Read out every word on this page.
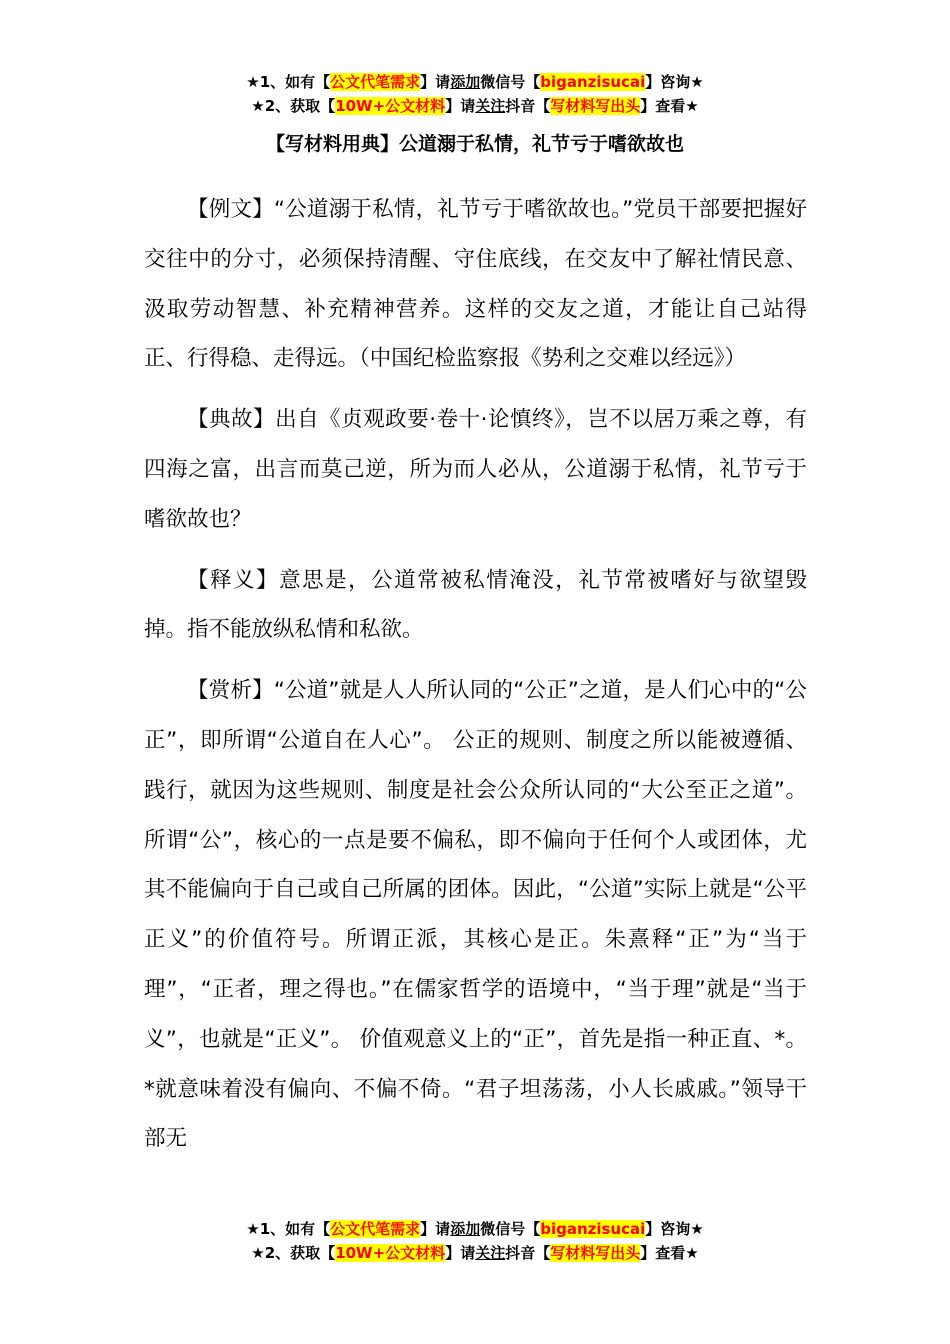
★1、如有【公文代笔需求】请添加微信号【biganzisucai】咨询★
★2、获取【10W+公文材料】请关注抖音【写材料写出头】查看★
【写材料用典】公道溺于私情，礼节亏于嗜欲故也

【例文】“公道溺于私情，礼节亏于嗜欲故也。”党员干部要把握好交往中的分寸，必须保持清醒、守住底线，在交友中了解社情民意、汲取劳动智慧、补充精神营养。这样的交友之道，才能让自己站得正、行得稳、走得远。（中国纪检监察报《势利之交难以经远》）

【典故】出自《贞观政要·卷十·论慎终》，岂不以居万乘之尊，有四海之富，出言而莫己逆，所为而人必从，公道溺于私情，礼节亏于嗜欲故也？

【释义】意思是，公道常被私情淹没，礼节常被嗜好与欲望毁掉。指不能放纵私情和私欲。

【赏析】“公道”就是人人所认同的“公正”之道，是人们心中的“公正”，即所谓“公道自在人心”。 公正的规则、制度之所以能被遵循、践行，就因为这些规则、制度是社会公众所认同的“大公至正之道”。所谓“公”，核心的一点是要不偏私，即不偏向于任何个人或团体，尤其不能偏向于自己或自己所属的团体。因此，“公道”实际上就是“公平正义”的价值符号。所谓正派，其核心是正。朱熹释“正”为“当于理”，“正者，理之得也。”在儒家哲学的语境中，“当于理”就是“当于义”，也就是“正义”。 价值观意义上的“正”，首先是指一种正直、*。*就意味着没有偏向、不偏不倚。“君子坦荡荡，小人长戚戚。”领导干部无

★1、如有【公文代笔需求】请添加微信号【biganzisucai】咨询★
★2、获取【10W+公文材料】请关注抖音【写材料写出头】查看★
